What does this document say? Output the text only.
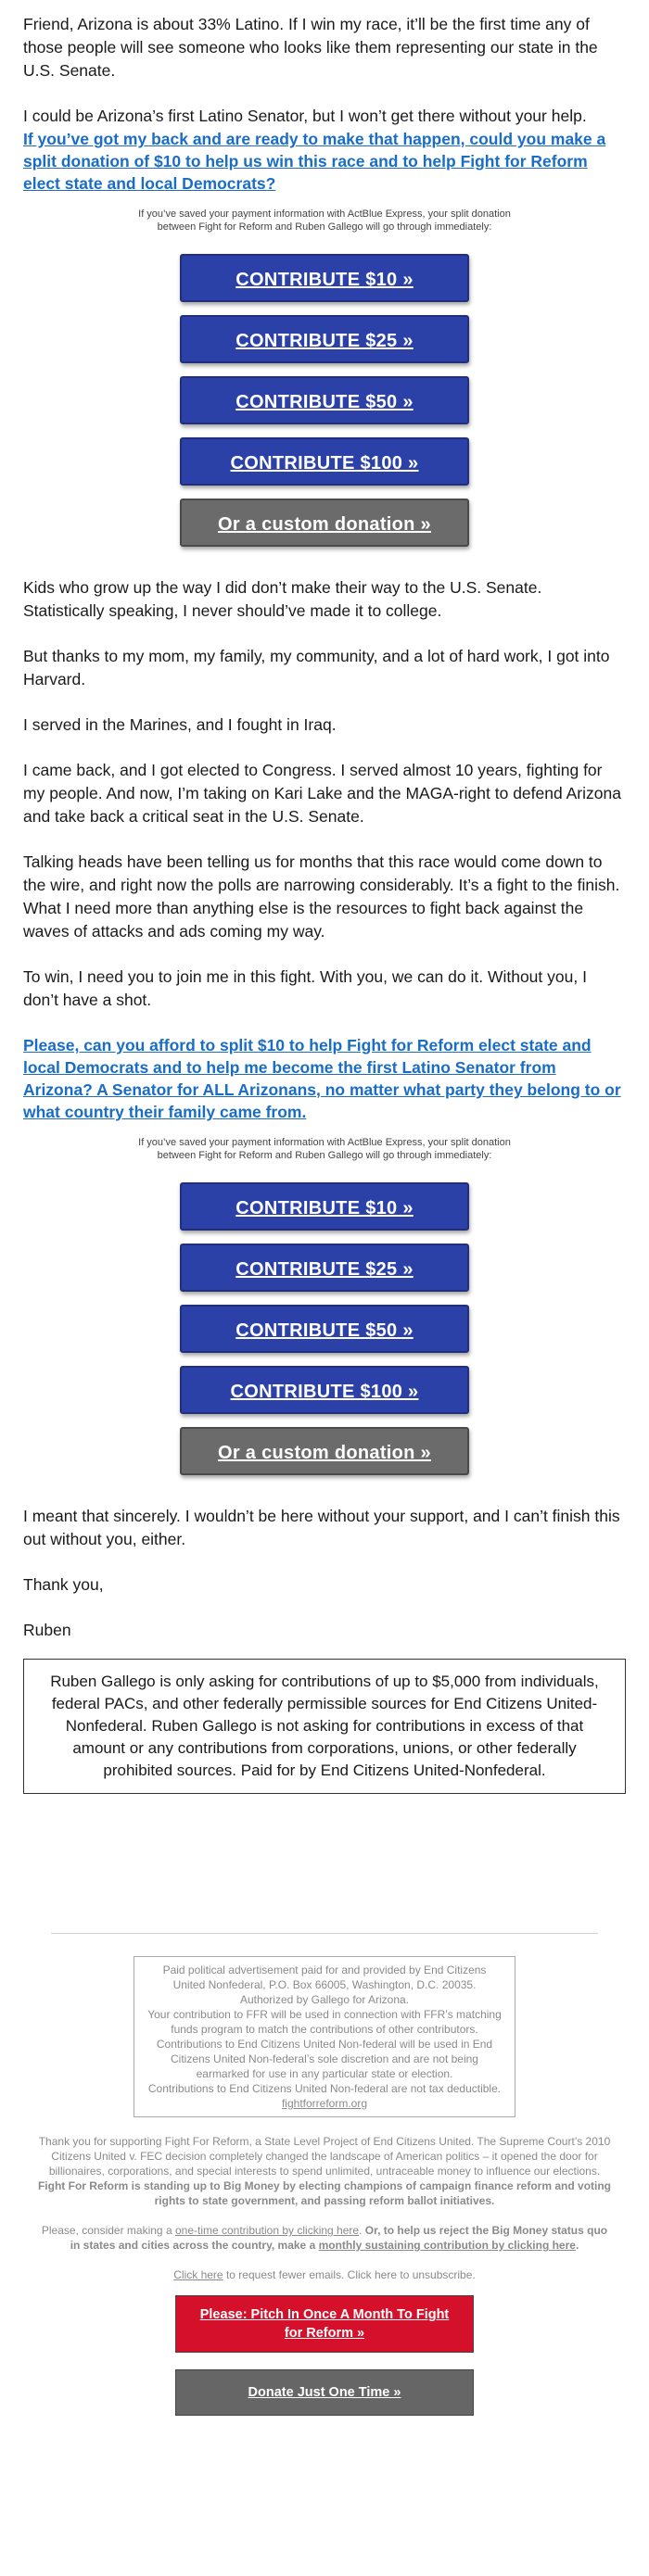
Friend, Arizona is about 33% Latino. If I win my race, it’ll be the first time any of those people will see someone who looks like them representing our state in the U.S. Senate.

I could be Arizona’s first Latino Senator, but I won’t get there without your help.

If you’ve got my back and are ready to make that happen, could you make a split donation of $10 to help us win this race and to help Fight for Reform elect state and local Democrats?

If you’ve saved your payment information with ActBlue Express, your split donation between Fight for Reform and Ruben Gallego will go through immediately:

CONTRIBUTE $10 »
CONTRIBUTE $25 »
CONTRIBUTE $50 »
CONTRIBUTE $100 »
Or a custom donation »

Kids who grow up the way I did don’t make their way to the U.S. Senate. Statistically speaking, I never should’ve made it to college.

But thanks to my mom, my family, my community, and a lot of hard work, I got into Harvard.

I served in the Marines, and I fought in Iraq.

I came back, and I got elected to Congress. I served almost 10 years, fighting for my people. And now, I’m taking on Kari Lake and the MAGA-right to defend Arizona and take back a critical seat in the U.S. Senate.

Talking heads have been telling us for months that this race would come down to the wire, and right now the polls are narrowing considerably. It’s a fight to the finish. What I need more than anything else is the resources to fight back against the waves of attacks and ads coming my way.

To win, I need you to join me in this fight. With you, we can do it. Without you, I don’t have a shot.

Please, can you afford to split $10 to help Fight for Reform elect state and local Democrats and to help me become the first Latino Senator from Arizona? A Senator for ALL Arizonans, no matter what party they belong to or what country their family came from.

If you’ve saved your payment information with ActBlue Express, your split donation between Fight for Reform and Ruben Gallego will go through immediately:

CONTRIBUTE $10 »
CONTRIBUTE $25 »
CONTRIBUTE $50 »
CONTRIBUTE $100 »
Or a custom donation »

I meant that sincerely. I wouldn’t be here without your support, and I can’t finish this out without you, either.

Thank you,

Ruben

Ruben Gallego is only asking for contributions of up to $5,000 from individuals, federal PACs, and other federally permissible sources for End Citizens United-Nonfederal. Ruben Gallego is not asking for contributions in excess of that amount or any contributions from corporations, unions, or other federally prohibited sources. Paid for by End Citizens United-Nonfederal.

Paid political advertisement paid for and provided by End Citizens United Nonfederal, P.O. Box 66005, Washington, D.C. 20035. Authorized by Gallego for Arizona.

Your contribution to FFR will be used in connection with FFR’s matching funds program to match the contributions of other contributors.

Contributions to End Citizens United Non-federal will be used in End Citizens United Non-federal’s sole discretion and are not being earmarked for use in any particular state or election.

Contributions to End Citizens United Non-federal are not tax deductible.

fightforreform.org

Thank you for supporting Fight For Reform, a State Level Project of End Citizens United. The Supreme Court’s 2010 Citizens United v. FEC decision completely changed the landscape of American politics – it opened the door for billionaires, corporations, and special interests to spend unlimited, untraceable money to influence our elections. Fight For Reform is standing up to Big Money by electing champions of campaign finance reform and voting rights to state government, and passing reform ballot initiatives.

Please, consider making a one-time contribution by clicking here. Or, to help us reject the Big Money status quo in states and cities across the country, make a monthly sustaining contribution by clicking here.

Click here to request fewer emails. Click here to unsubscribe.

Please: Pitch In Once A Month To Fight for Reform »
Donate Just One Time »
